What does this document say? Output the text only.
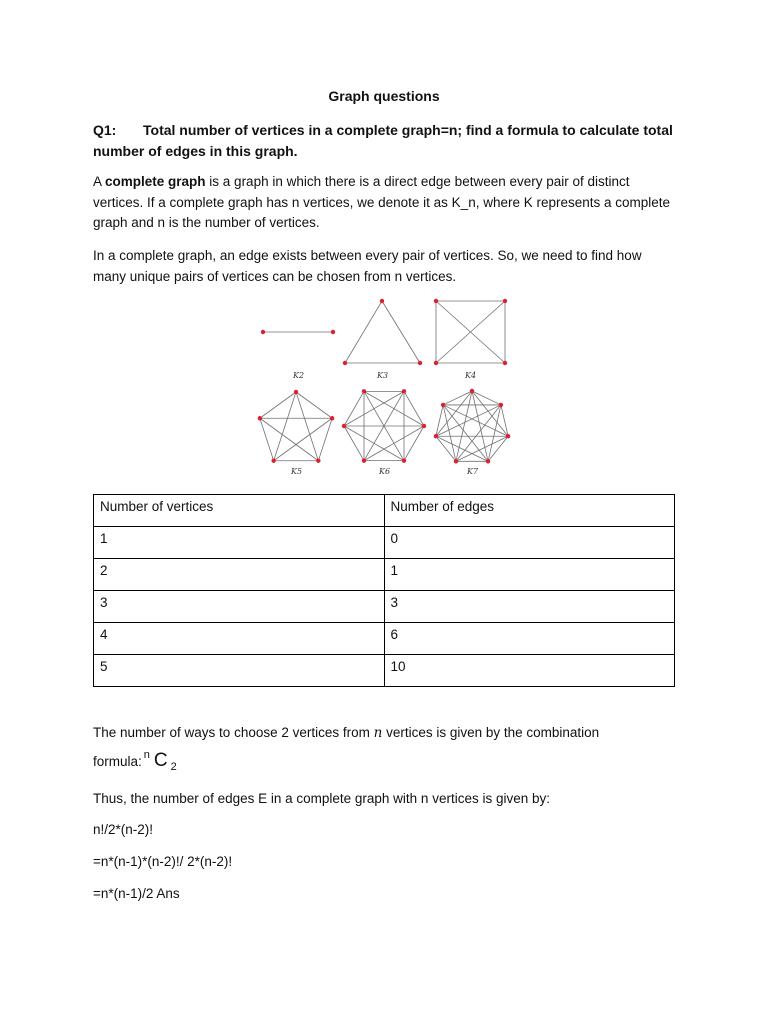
Graph questions
Q1: Total number of vertices in a complete graph=n; find a formula to calculate total number of edges in this graph.
A complete graph is a graph in which there is a direct edge between every pair of distinct vertices. If a complete graph has n vertices, we denote it as K_n, where K represents a complete graph and n is the number of vertices.
In a complete graph, an edge exists between every pair of vertices. So, we need to find how many unique pairs of vertices can be chosen from n vertices.
K2	K3	K4
K5	K6	K7
Number of vertices	Number of edges
1	0
2	1
3	3
4	6
5	10
The number of ways to choose 2 vertices from n vertices is given by the combination
formula: $^n$ C $_2$
Thus, the number of edges E in a complete graph with n vertices is given by:
n!/2*(n-2)!
=n*(n-1)*(n-2)!/ 2*(n-2)!
=n*(n-1)/2 Ans
